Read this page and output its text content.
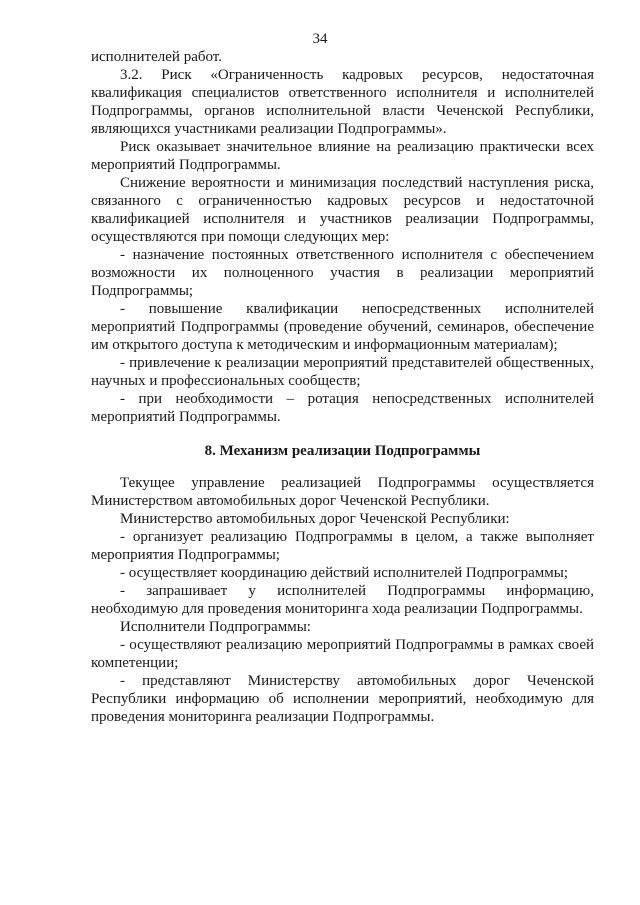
34

исполнителей работ.

3.2. Риск «Ограниченность кадровых ресурсов, недостаточная квалификация специалистов ответственного исполнителя и исполнителей Подпрограммы, органов исполнительной власти Чеченской Республики, являющихся участниками реализации Подпрограммы».

Риск оказывает значительное влияние на реализацию практически всех мероприятий Подпрограммы.

Снижение вероятности и минимизация последствий наступления риска, связанного с ограниченностью кадровых ресурсов и недостаточной квалификацией исполнителя и участников реализации Подпрограммы, осуществляются при помощи следующих мер:

- назначение постоянных ответственного исполнителя с обеспечением возможности их полноценного участия в реализации мероприятий Подпрограммы;

- повышение квалификации непосредственных исполнителей мероприятий Подпрограммы (проведение обучений, семинаров, обеспечение им открытого доступа к методическим и информационным материалам);

- привлечение к реализации мероприятий представителей общественных, научных и профессиональных сообществ;

- при необходимости – ротация непосредственных исполнителей мероприятий Подпрограммы.

8. Механизм реализации Подпрограммы

Текущее управление реализацией Подпрограммы осуществляется Министерством автомобильных дорог Чеченской Республики.

Министерство автомобильных дорог Чеченской Республики:

- организует реализацию Подпрограммы в целом, а также выполняет мероприятия Подпрограммы;

- осуществляет координацию действий исполнителей Подпрограммы;

- запрашивает у исполнителей Подпрограммы информацию, необходимую для проведения мониторинга хода реализации Подпрограммы.

Исполнители Подпрограммы:

- осуществляют реализацию мероприятий Подпрограммы в рамках своей компетенции;

- представляют Министерству автомобильных дорог Чеченской Республики информацию об исполнении мероприятий, необходимую для проведения мониторинга реализации Подпрограммы.
